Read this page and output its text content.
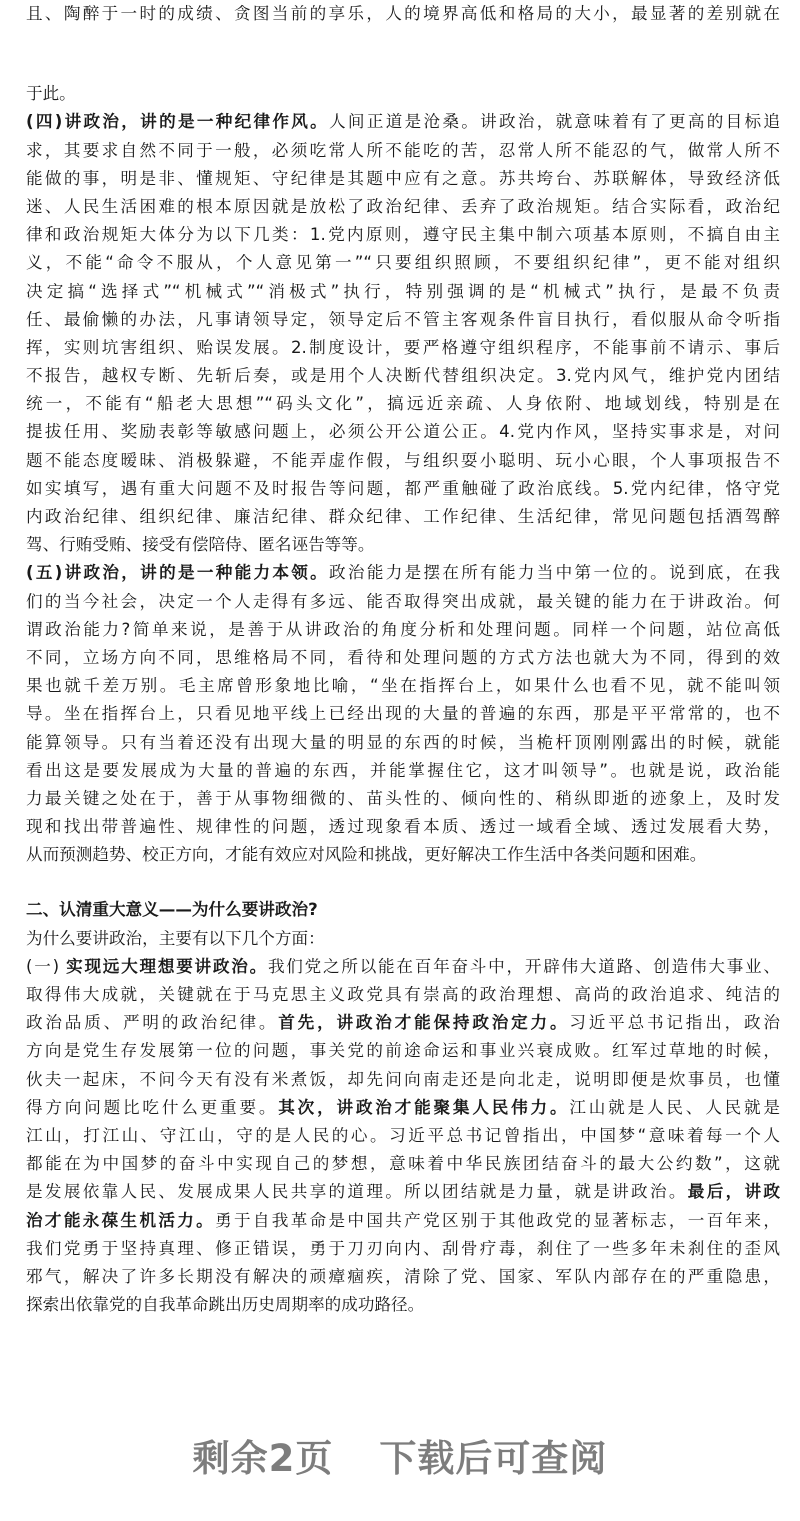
且、陶醉于一时的成绩、贪图当前的享乐，人的境界高低和格局的大小，最显著的差别就在
于此。
(四)讲政治，讲的是一种纪律作风。人间正道是沧桑。讲政治，就意味着有了更高的目标追
求，其要求自然不同于一般，必须吃常人所不能吃的苦，忍常人所不能忍的气，做常人所不
能做的事，明是非、懂规矩、守纪律是其题中应有之意。苏共垮台、苏联解体，导致经济低
迷、人民生活困难的根本原因就是放松了政治纪律、丢弃了政治规矩。结合实际看，政治纪
律和政治规矩大体分为以下几类：1.党内原则，遵守民主集中制六项基本原则，不搞自由主
义，不能“命令不服从，个人意见第一”“只要组织照顾，不要组织纪律”，更不能对组织
决定搞“选择式”“机械式”“消极式”执行，特别强调的是“机械式”执行，是最不负责
任、最偷懒的办法，凡事请领导定，领导定后不管主客观条件盲目执行，看似服从命令听指
挥，实则坑害组织、贻误发展。2.制度设计，要严格遵守组织程序，不能事前不请示、事后
不报告，越权专断、先斩后奏，或是用个人决断代替组织决定。3.党内风气，维护党内团结
统一，不能有“船老大思想”“码头文化”，搞远近亲疏、人身依附、地域划线，特别是在
提拔任用、奖励表彰等敏感问题上，必须公开公道公正。4.党内作风，坚持实事求是，对问
题不能态度暧昧、消极躲避，不能弄虚作假，与组织耍小聪明、玩小心眼，个人事项报告不
如实填写，遇有重大问题不及时报告等问题，都严重触碰了政治底线。5.党内纪律，恪守党
内政治纪律、组织纪律、廉洁纪律、群众纪律、工作纪律、生活纪律，常见问题包括酒驾醉
驾、行贿受贿、接受有偿陪侍、匿名诬告等等。
(五)讲政治，讲的是一种能力本领。政治能力是摆在所有能力当中第一位的。说到底，在我
们的当今社会，决定一个人走得有多远、能否取得突出成就，最关键的能力在于讲政治。何
谓政治能力?简单来说，是善于从讲政治的角度分析和处理问题。同样一个问题，站位高低
不同，立场方向不同，思维格局不同，看待和处理问题的方式方法也就大为不同，得到的效
果也就千差万别。毛主席曾形象地比喻，“坐在指挥台上，如果什么也看不见，就不能叫领
导。坐在指挥台上，只看见地平线上已经出现的大量的普遍的东西，那是平平常常的，也不
能算领导。只有当着还没有出现大量的明显的东西的时候，当桅杆顶刚刚露出的时候，就能
看出这是要发展成为大量的普遍的东西，并能掌握住它，这才叫领导”。也就是说，政治能
力最关键之处在于，善于从事物细微的、苗头性的、倾向性的、稍纵即逝的迹象上，及时发
现和找出带普遍性、规律性的问题，透过现象看本质、透过一域看全域、透过发展看大势，
从而预测趋势、校正方向，才能有效应对风险和挑战，更好解决工作生活中各类问题和困难。
二、认清重大意义——为什么要讲政治?
为什么要讲政治，主要有以下几个方面：
(一) 实现远大理想要讲政治。我们党之所以能在百年奋斗中，开辟伟大道路、创造伟大事业、
取得伟大成就，关键就在于马克思主义政党具有崇高的政治理想、高尚的政治追求、纯洁的
政治品质、严明的政治纪律。首先，讲政治才能保持政治定力。习近平总书记指出，政治
方向是党生存发展第一位的问题，事关党的前途命运和事业兴衰成败。红军过草地的时候，
伙夫一起床，不问今天有没有米煮饭，却先问向南走还是向北走，说明即便是炊事员，也懂
得方向问题比吃什么更重要。其次，讲政治才能聚集人民伟力。江山就是人民、人民就是
江山，打江山、守江山，守的是人民的心。习近平总书记曾指出，中国梦“意味着每一个人
都能在为中国梦的奋斗中实现自己的梦想，意味着中华民族团结奋斗的最大公约数”，这就
是发展依靠人民、发展成果人民共享的道理。所以团结就是力量，就是讲政治。最后，讲政
治才能永葆生机活力。勇于自我革命是中国共产党区别于其他政党的显著标志，一百年来，
我们党勇于坚持真理、修正错误，勇于刀刃向内、刮骨疗毒，刹住了一些多年未刹住的歪风
邪气，解决了许多长期没有解决的顽瘴痼疾，清除了党、国家、军队内部存在的严重隐患，
探索出依靠党的自我革命跳出历史周期率的成功路径。
剩余2页 下载后可查阅
